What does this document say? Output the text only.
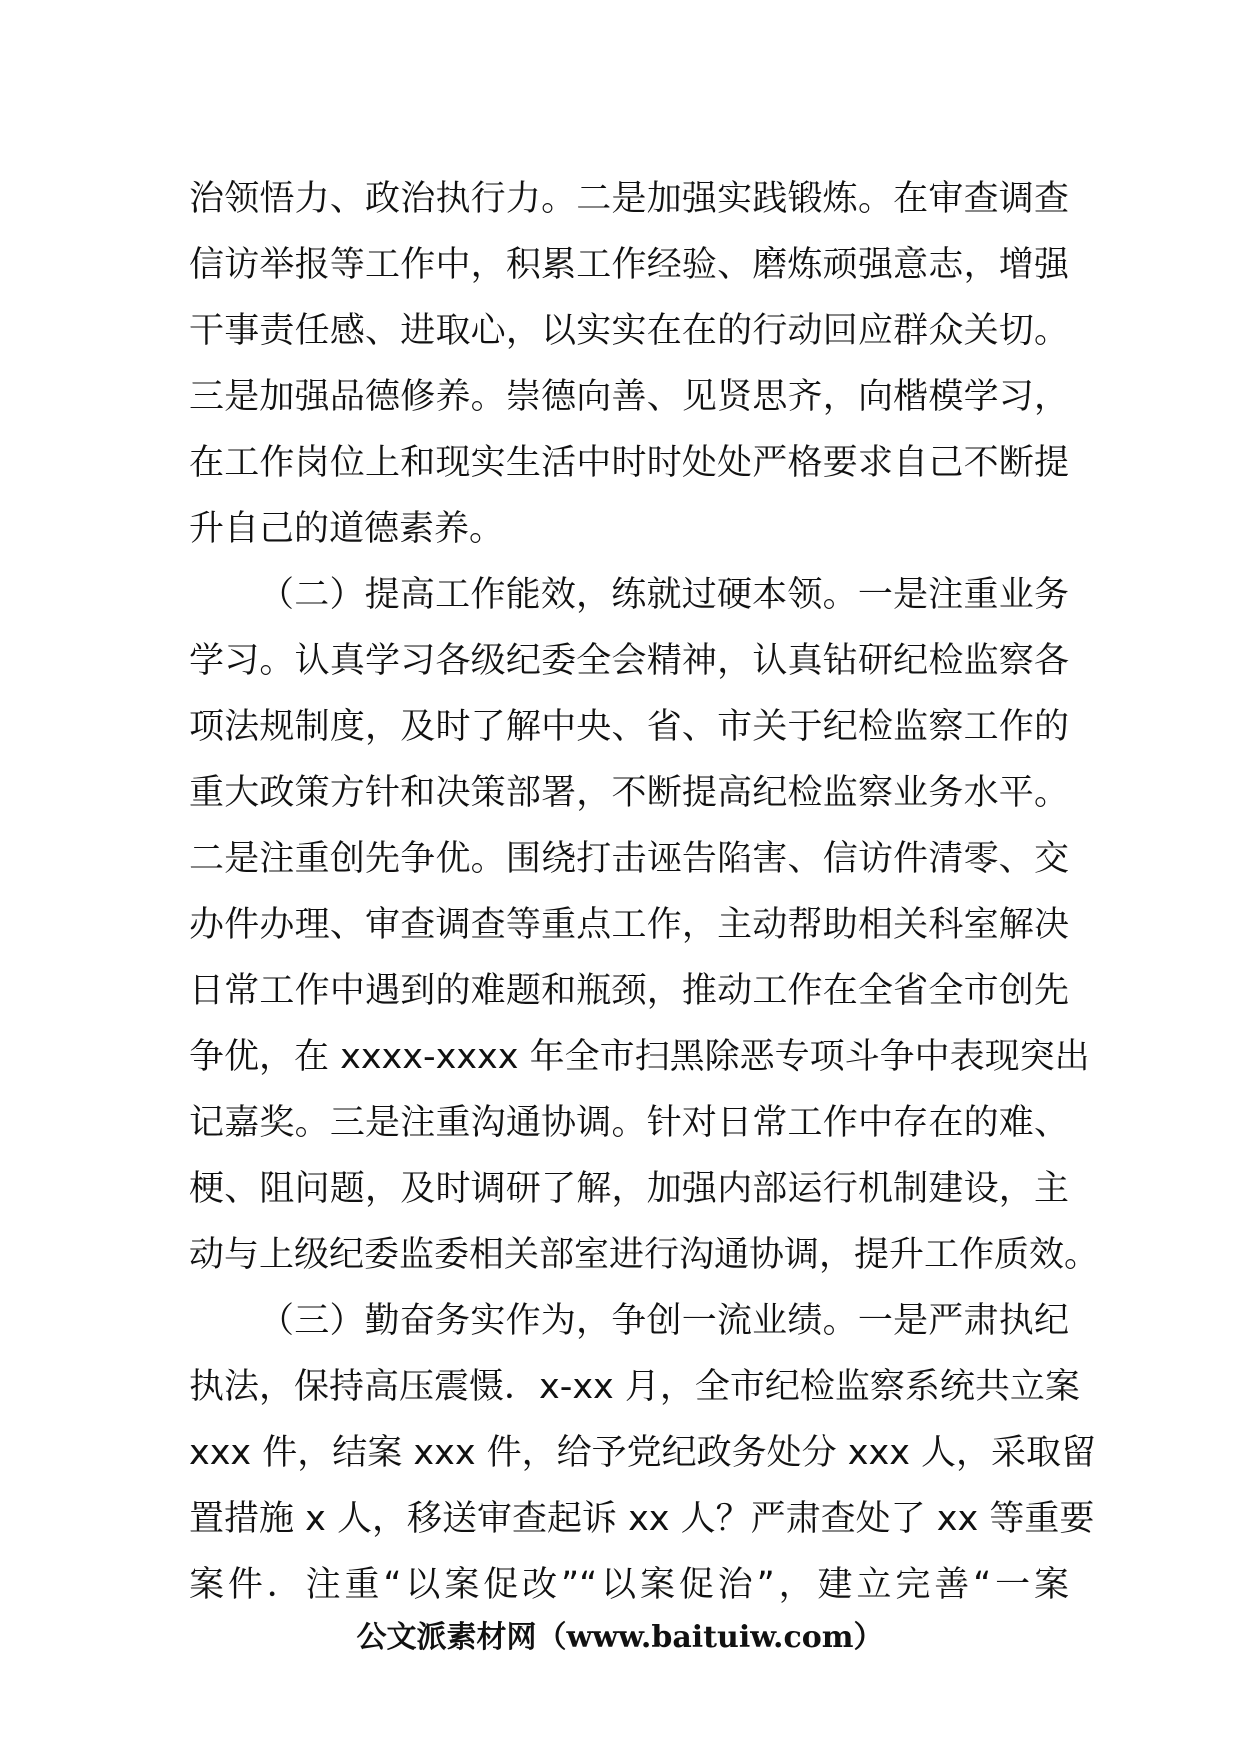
治领悟力、政治执行力。二是加强实践锻炼。在审查调查
信访举报等工作中，积累工作经验、磨炼顽强意志，增强
干事责任感、进取心，以实实在在的行动回应群众关切。
三是加强品德修养。崇德向善、见贤思齐，向楷模学习，
在工作岗位上和现实生活中时时处处严格要求自己不断提
升自己的道德素养。
（二）提高工作能效，练就过硬本领。一是注重业务
学习。认真学习各级纪委全会精神，认真钻研纪检监察各
项法规制度，及时了解中央、省、市关于纪检监察工作的
重大政策方针和决策部署，不断提高纪检监察业务水平。
二是注重创先争优。围绕打击诬告陷害、信访件清零、交
办件办理、审查调查等重点工作，主动帮助相关科室解决
日常工作中遇到的难题和瓶颈，推动工作在全省全市创先
争优，在 xxxx-xxxx 年全市扫黑除恶专项斗争中表现突出
记嘉奖。三是注重沟通协调。针对日常工作中存在的难、
梗、阻问题，及时调研了解，加强内部运行机制建设，主
动与上级纪委监委相关部室进行沟通协调，提升工作质效。
（三）勤奋务实作为，争创一流业绩。一是严肃执纪
执法，保持高压震慑．x-xx 月，全市纪检监察系统共立案
xxx 件，结案 xxx 件，给予党纪政务处分 xxx 人，采取留
置措施 x 人，移送审查起诉 xx 人？严肃查处了 xx 等重要
案件．注重“以案促改”“以案促治”，建立完善“一案
公文派素材网（www.baituiw.com）
